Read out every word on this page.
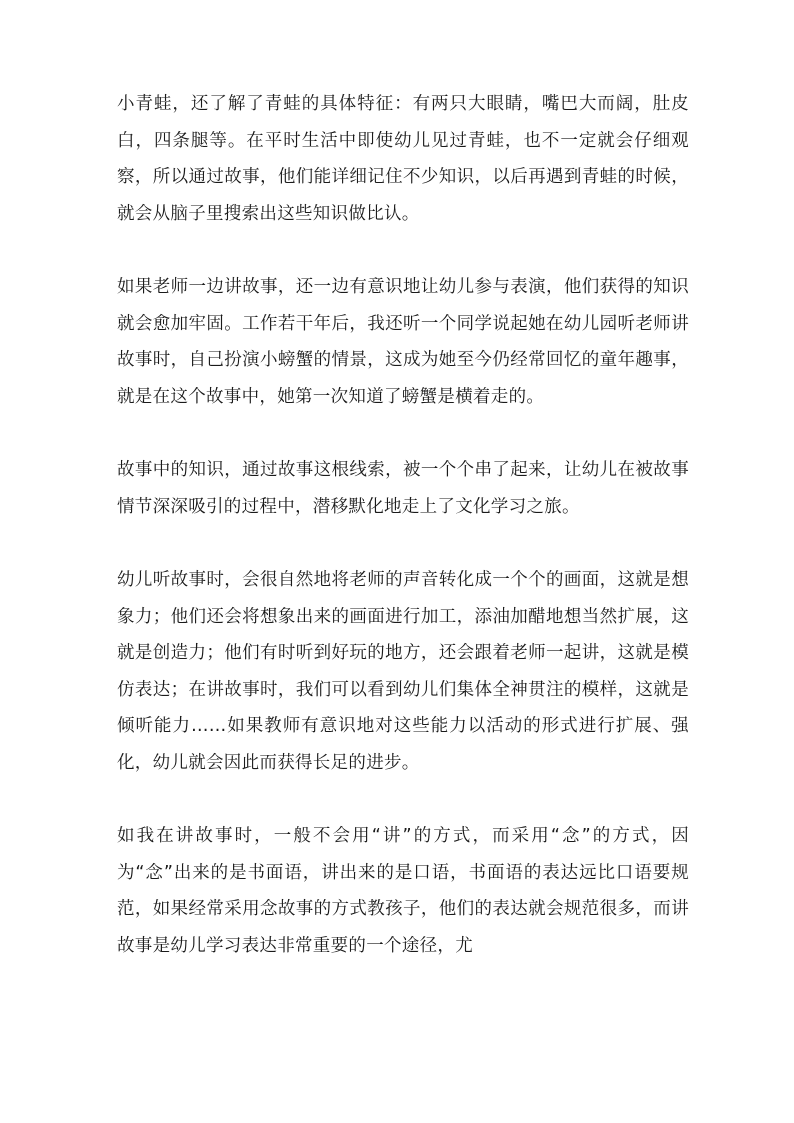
小青蛙，还了解了青蛙的具体特征：有两只大眼睛，嘴巴大而阔，肚皮白，四条腿等。在平时生活中即使幼儿见过青蛙，也不一定就会仔细观察，所以通过故事，他们能详细记住不少知识，以后再遇到青蛙的时候，就会从脑子里搜索出这些知识做比认。

如果老师一边讲故事，还一边有意识地让幼儿参与表演，他们获得的知识就会愈加牢固。工作若干年后，我还听一个同学说起她在幼儿园听老师讲故事时，自己扮演小螃蟹的情景，这成为她至今仍经常回忆的童年趣事，就是在这个故事中，她第一次知道了螃蟹是横着走的。

故事中的知识，通过故事这根线索，被一个个串了起来，让幼儿在被故事情节深深吸引的过程中，潜移默化地走上了文化学习之旅。

幼儿听故事时，会很自然地将老师的声音转化成一个个的画面，这就是想象力；他们还会将想象出来的画面进行加工，添油加醋地想当然扩展，这就是创造力；他们有时听到好玩的地方，还会跟着老师一起讲，这就是模仿表达；在讲故事时，我们可以看到幼儿们集体全神贯注的模样，这就是倾听能力……如果教师有意识地对这些能力以活动的形式进行扩展、强化，幼儿就会因此而获得长足的进步。

如我在讲故事时，一般不会用“讲”的方式，而采用“念”的方式，因为“念”出来的是书面语，讲出来的是口语，书面语的表达远比口语要规范，如果经常采用念故事的方式教孩子，他们的表达就会规范很多，而讲故事是幼儿学习表达非常重要的一个途径，尤
